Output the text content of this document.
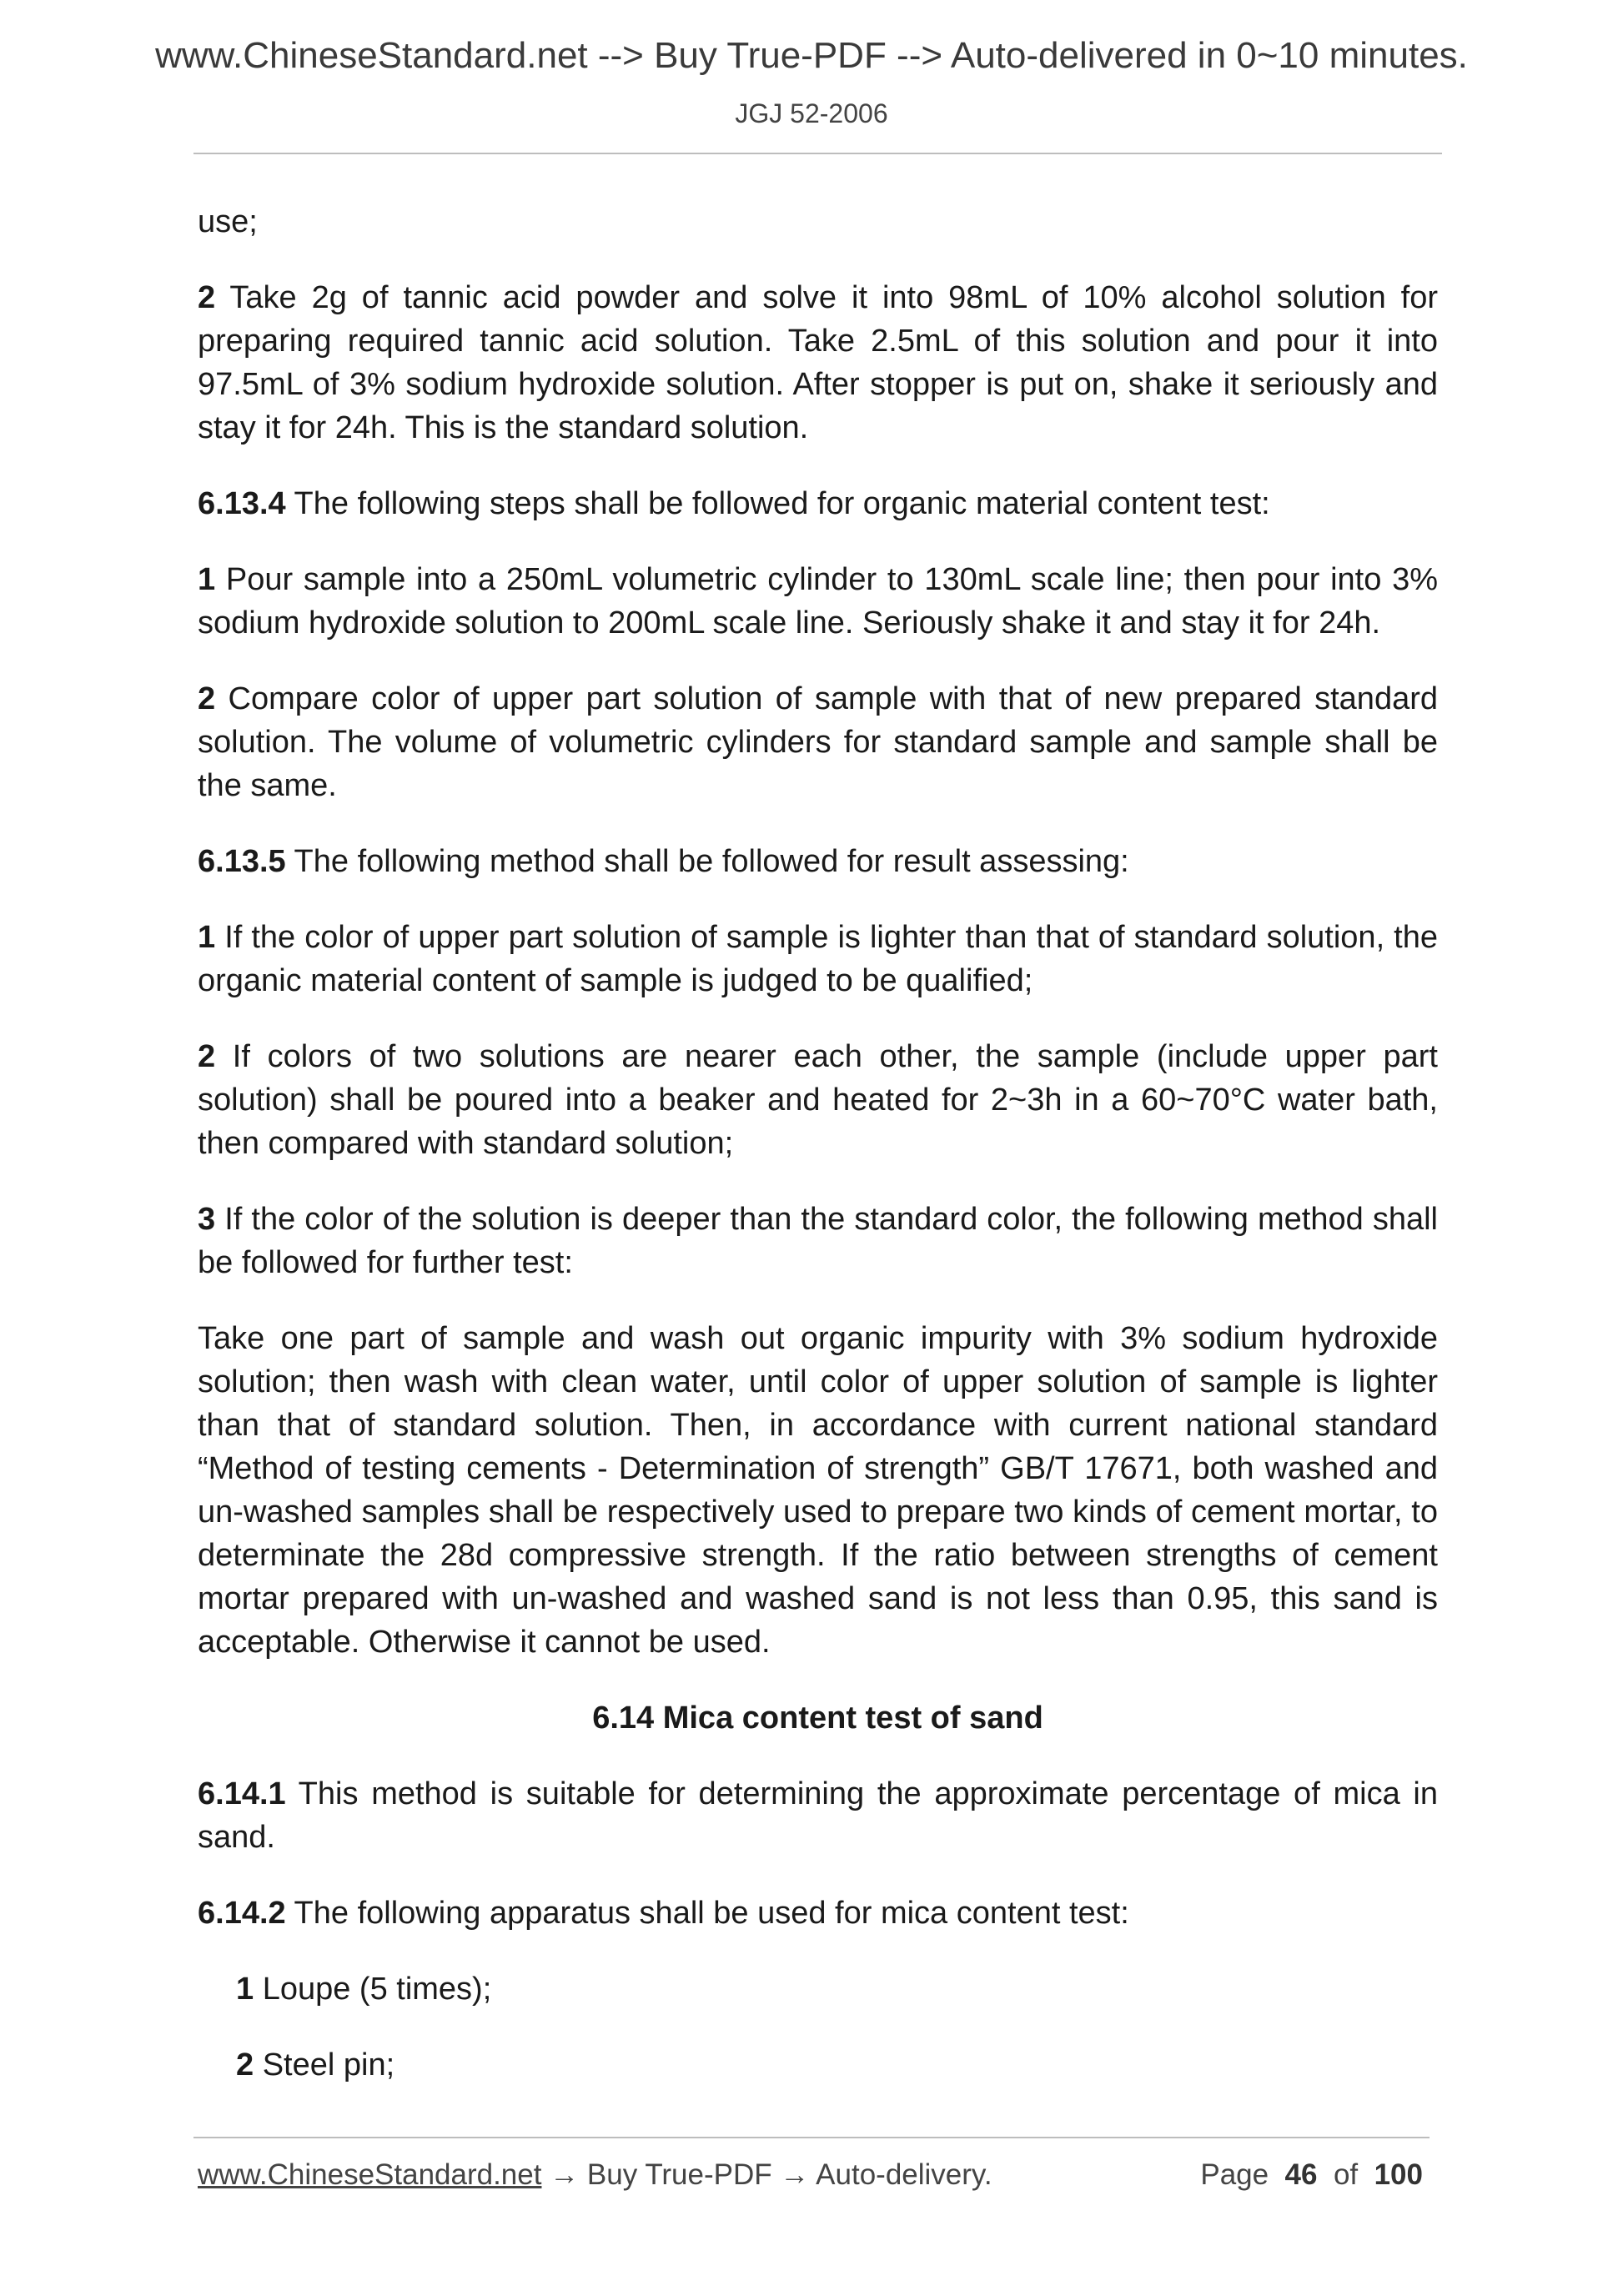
www.ChineseStandard.net --> Buy True-PDF --> Auto-delivered in 0~10 minutes.
JGJ 52-2006

use;

2 Take 2g of tannic acid powder and solve it into 98mL of 10% alcohol solution for preparing required tannic acid solution. Take 2.5mL of this solution and pour it into 97.5mL of 3% sodium hydroxide solution. After stopper is put on, shake it seriously and stay it for 24h. This is the standard solution.

6.13.4 The following steps shall be followed for organic material content test:

1 Pour sample into a 250mL volumetric cylinder to 130mL scale line; then pour into 3% sodium hydroxide solution to 200mL scale line. Seriously shake it and stay it for 24h.

2 Compare color of upper part solution of sample with that of new prepared standard solution. The volume of volumetric cylinders for standard sample and sample shall be the same.

6.13.5 The following method shall be followed for result assessing:

1 If the color of upper part solution of sample is lighter than that of standard solution, the organic material content of sample is judged to be qualified;

2 If colors of two solutions are nearer each other, the sample (include upper part solution) shall be poured into a beaker and heated for 2~3h in a 60~70°C water bath, then compared with standard solution;

3 If the color of the solution is deeper than the standard color, the following method shall be followed for further test:

Take one part of sample and wash out organic impurity with 3% sodium hydroxide solution; then wash with clean water, until color of upper solution of sample is lighter than that of standard solution. Then, in accordance with current national standard “Method of testing cements - Determination of strength” GB/T 17671, both washed and un-washed samples shall be respectively used to prepare two kinds of cement mortar, to determinate the 28d compressive strength. If the ratio between strengths of cement mortar prepared with un-washed and washed sand is not less than 0.95, this sand is acceptable. Otherwise it cannot be used.

6.14 Mica content test of sand

6.14.1 This method is suitable for determining the approximate percentage of mica in sand.

6.14.2 The following apparatus shall be used for mica content test:

1 Loupe (5 times);

2 Steel pin;

www.ChineseStandard.net → Buy True-PDF → Auto-delivery.	Page 46 of 100
